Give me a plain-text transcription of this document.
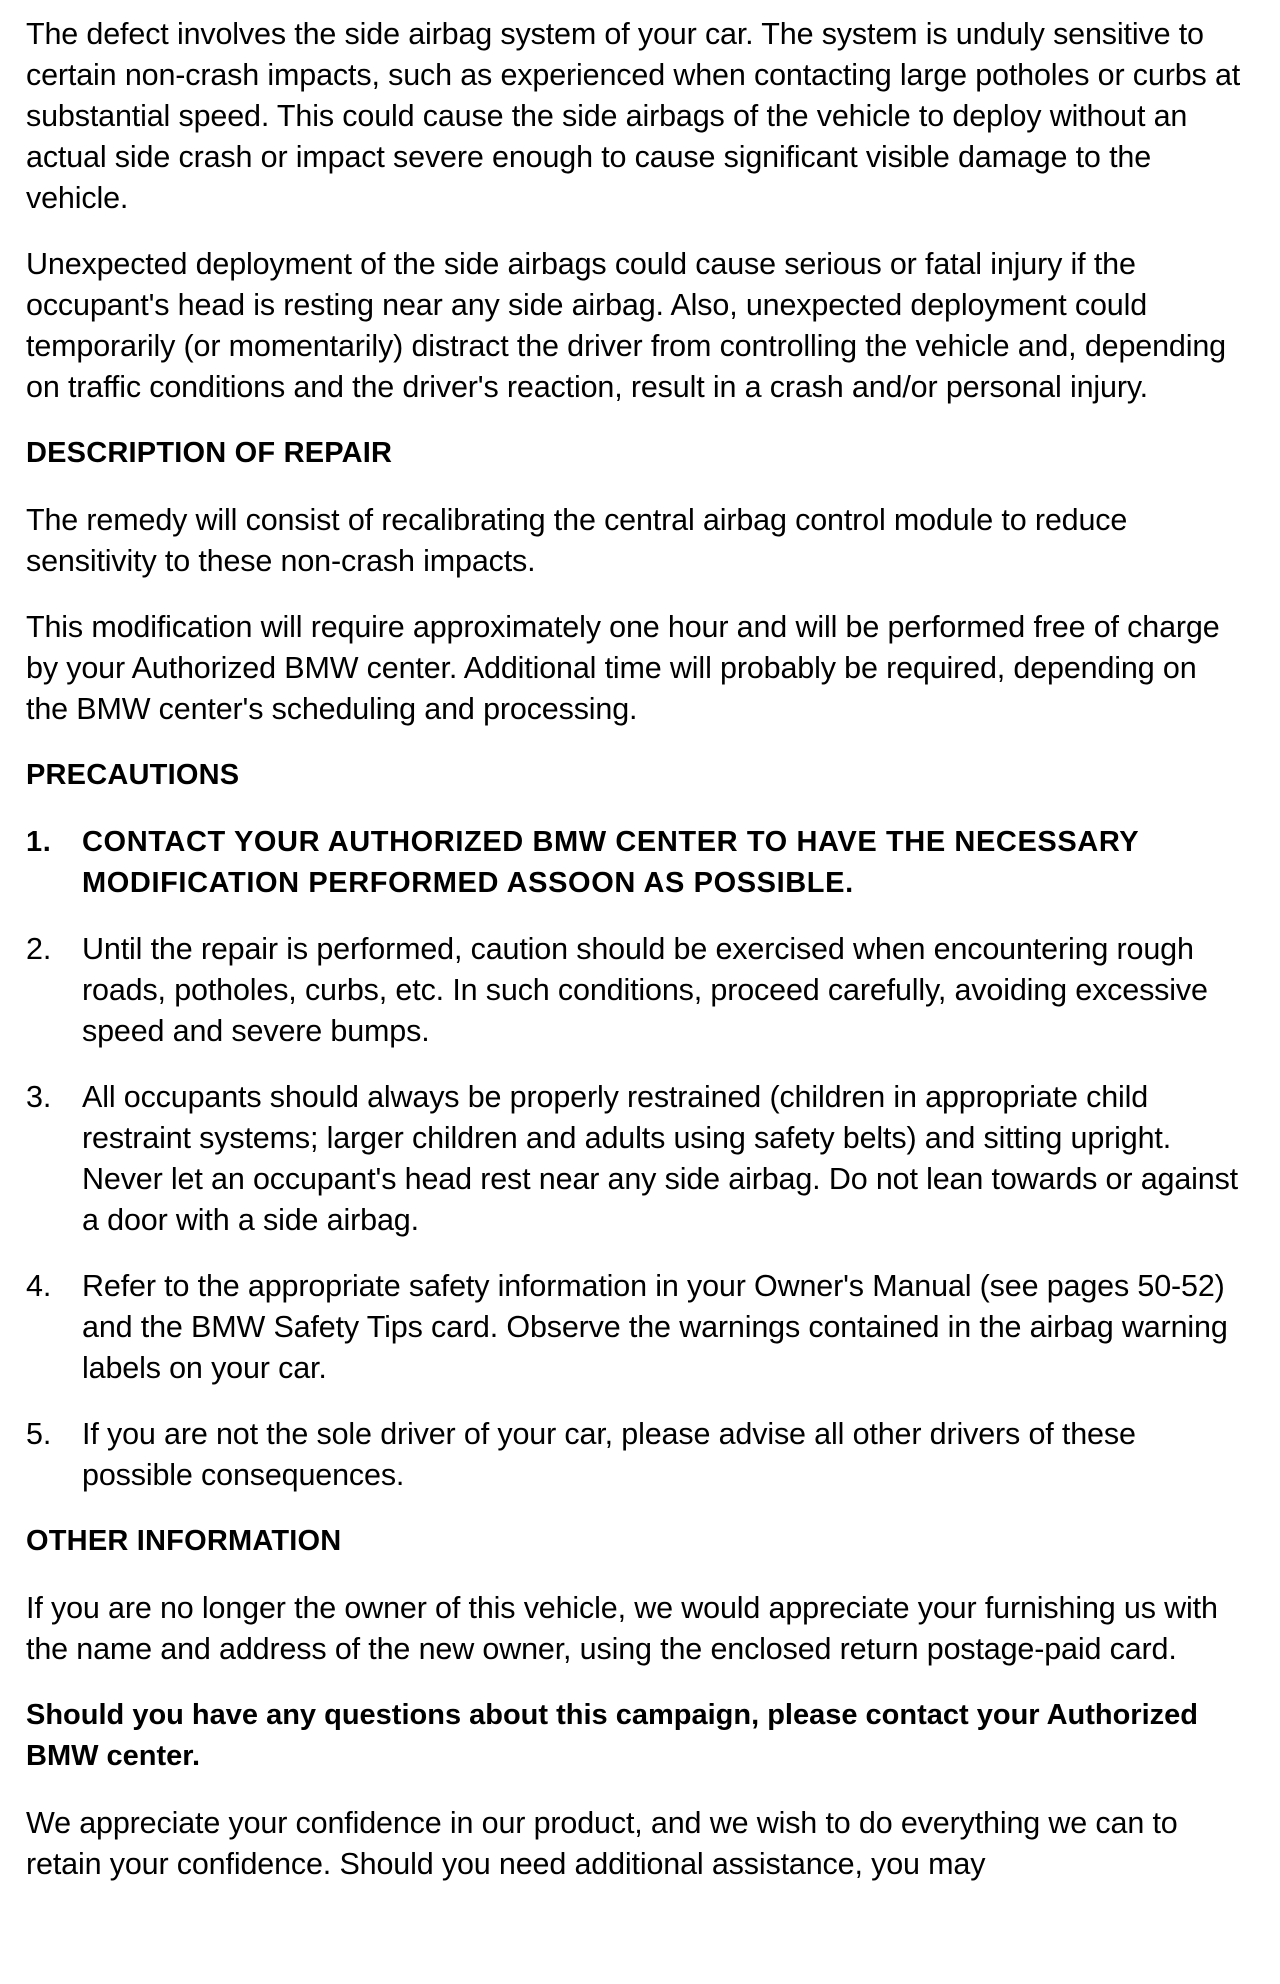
The defect involves the side airbag system of your car. The system is unduly sensitive to certain non-crash impacts, such as experienced when contacting large potholes or curbs at substantial speed. This could cause the side airbags of the vehicle to deploy without an actual side crash or impact severe enough to cause significant visible damage to the vehicle.

Unexpected deployment of the side airbags could cause serious or fatal injury if the occupant's head is resting near any side airbag. Also, unexpected deployment could temporarily (or momentarily) distract the driver from controlling the vehicle and, depending on traffic conditions and the driver's reaction, result in a crash and/or personal injury.

DESCRIPTION OF REPAIR

The remedy will consist of recalibrating the central airbag control module to reduce sensitivity to these non-crash impacts.

This modification will require approximately one hour and will be performed free of charge by your Authorized BMW center. Additional time will probably be required, depending on the BMW center's scheduling and processing.

PRECAUTIONS
1. CONTACT YOUR AUTHORIZED BMW CENTER TO HAVE THE NECESSARY MODIFICATION PERFORMED ASSOON AS POSSIBLE.
2. Until the repair is performed, caution should be exercised when encountering rough roads, potholes, curbs, etc. In such conditions, proceed carefully, avoiding excessive speed and severe bumps.
3. All occupants should always be properly restrained (children in appropriate child restraint systems; larger children and adults using safety belts) and sitting upright. Never let an occupant's head rest near any side airbag. Do not lean towards or against a door with a side airbag.
4. Refer to the appropriate safety information in your Owner's Manual (see pages 50-52) and the BMW Safety Tips card. Observe the warnings contained in the airbag warning labels on your car.
5. If you are not the sole driver of your car, please advise all other drivers of these possible consequences.
OTHER INFORMATION

If you are no longer the owner of this vehicle, we would appreciate your furnishing us with the name and address of the new owner, using the enclosed return postage-paid card.

Should you have any questions about this campaign, please contact your Authorized BMW center.

We appreciate your confidence in our product, and we wish to do everything we can to retain your confidence. Should you need additional assistance, you may
